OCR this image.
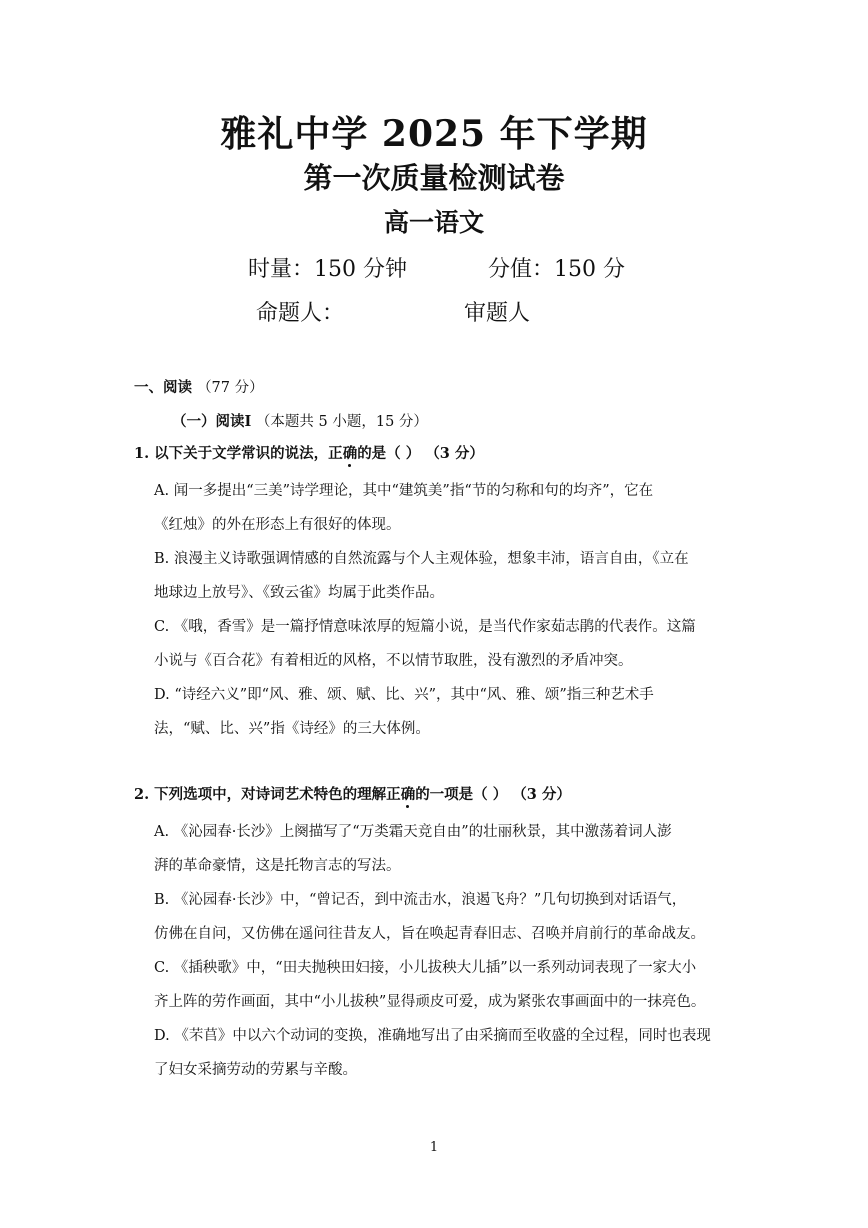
雅礼中学 2025 年下学期
第一次质量检测试卷
高一语文
时量：150 分钟	分值：150 分
命题人：	审题人
一、阅读 （77 分）
（一）阅读Ⅰ （本题共 5 小题，15 分）
1. 以下关于文学常识的说法，正确的是（ ） （3 分）
A. 闻一多提出“三美”诗学理论，其中“建筑美”指“节的匀称和句的均齐”，它在
《红烛》的外在形态上有很好的体现。
B. 浪漫主义诗歌强调情感的自然流露与个人主观体验，想象丰沛，语言自由，《立在
地球边上放号》、《致云雀》均属于此类作品。
C. 《哦，香雪》是一篇抒情意味浓厚的短篇小说，是当代作家茹志鹃的代表作。这篇
小说与《百合花》有着相近的风格，不以情节取胜，没有激烈的矛盾冲突。
D. “诗经六义”即“风、雅、颂、赋、比、兴”，其中“风、雅、颂”指三种艺术手
法，“赋、比、兴”指《诗经》的三大体例。
2. 下列选项中，对诗词艺术特色的理解正确的一项是（ ） （3 分）
A. 《沁园春·长沙》上阕描写了“万类霜天竞自由”的壮丽秋景，其中激荡着词人澎
湃的革命豪情，这是托物言志的写法。
B. 《沁园春·长沙》中，“曾记否，到中流击水，浪遏飞舟？”几句切换到对话语气，
仿佛在自问，又仿佛在遥问往昔友人，旨在唤起青春旧志、召唤并肩前行的革命战友。
C. 《插秧歌》中，“田夫抛秧田妇接，小儿拔秧大儿插”以一系列动词表现了一家大小
齐上阵的劳作画面，其中“小儿拔秧”显得顽皮可爱，成为紧张农事画面中的一抹亮色。
D. 《芣苢》中以六个动词的变换，准确地写出了由采摘而至收盛的全过程，同时也表现
了妇女采摘劳动的劳累与辛酸。
1
